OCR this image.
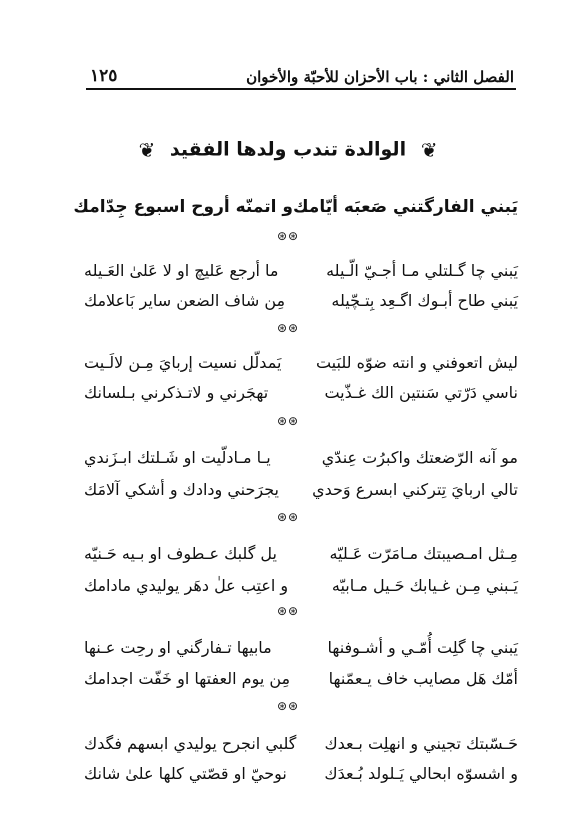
الفصل الثاني : باب الأحزان للأحبّة والأخوان
١٢٥
❦ الوالدة تندب ولدها الفقيد ❦
يَبني الفارگتني صَعبَه أيّامك
و اتمنّه أروح اسبوع جِدّامك
⊛⊛
يَبني چا گـلتلي مـا أجـيّ الّـيله
ما أرجع عَليچ او لا عَلىٰ العَـيله
يَبني طاح أبـوك اگـعِد بِتـچّيله
مِن شاف الضعن ساير بَاعلامك
⊛⊛
ليش اتعوفني و انته ضوّه للبَيت
يَمدلّل نسيت إربايَ مِـن لالَـيت
ناسي دَرّتي سَنتين الك غـذّيت
تهجَرني و لاتـذكرني بـلسانك
⊛⊛
مو آنه الرّضعتك واكبرُت عِندّي
يـا مـادلّيت او شَـلتك ابـزَندي
تالي اربايَ تِتركني ابسرع وَحدي
يجرَحني ودادك و أشكي آلامَك
⊛⊛
مِـثل امـصيبتك مـامَرّت عَـليّه
يل گلبك عـطوف او بـيه حَـنيّه
يَـبني مِـن غـيابك حَـيل مـابيّه
و اعتِب علٰ دهَر يوليدي مادامك
⊛⊛
يَبني چا گلِت أُمّـي و أشـوفنها
مابيها تـفارگني او رحِت عـنها
أمّك هَل مصايب خاف يـعمّنها
مِن يوم العفتها او خَفّت اجدامك
⊛⊛
حَـسّبتك تجيني و انهلِت بـعدك
گلبي انجرح يوليدي ابسهم فگدك
و اشسوّه ابحالي يَـلولد بُـعدَك
نوحيّ او قصّتي كلها علىٰ شانك
